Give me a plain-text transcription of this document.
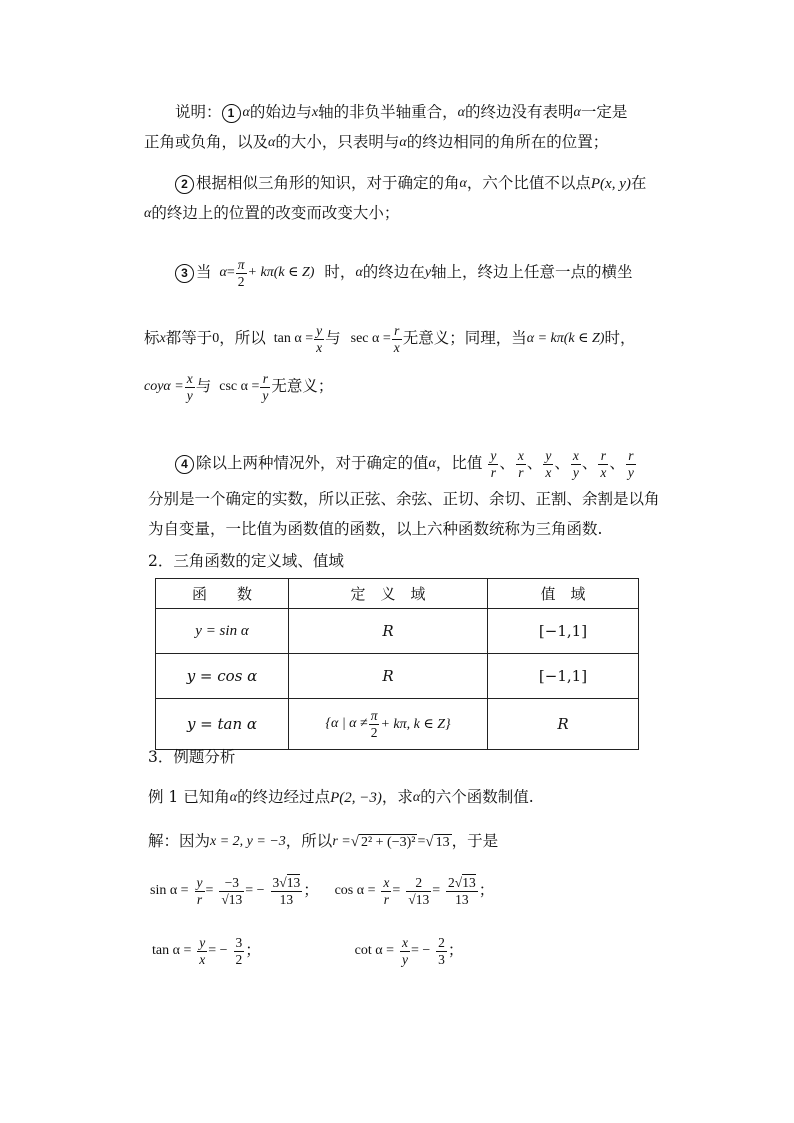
说明： 1 α的始边与x轴的非负半轴重合，α的终边没有表明α一定是
正角或负角，以及α的大小，只表明与α的终边相同的角所在的位置；
2 根据相似三角形的知识，对于确定的角α，六个比值不以点P(x, y)在
α的终边上的位置的改变而改变大小；
3 当 $\alpha= \frac{\pi}{2} + k\pi(k$ ∈ Z) 时，α的终边在y轴上，终边上任意一点的横坐
标x都等于0，所以 $\tan \alpha = \frac{y}{x}$ 与 $\sec \alpha = \frac{r}{x}$ 无意义；同理，当α = kπ(k ∈ Z)时，
$coy\alpha = \frac{x}{y}$ 与 $\csc \alpha = \frac{r}{y}$ 无意义；
4 除以上两种情况外，对于确定的值α，比值 $\frac{y}{r}$ 、 $\frac{x}{r}$ 、 $\frac{y}{x}$ 、 $\frac{x}{y}$ 、 $\frac{r}{x}$ 、 $\frac{r}{y}$
分别是一个确定的实数，所以正弦、余弦、正切、余切、正割、余割是以角
为自变量，一比值为函数值的函数，以上六种函数统称为三角函数.
2．三角函数的定义域、值域
函　　数	定　义　域	值　域
y = sin α	R	[−1,1]
y = cos α	R	[−1,1]
y = tan α	{α | $\alpha \ne \frac{\pi}{2} + k\pi$, k ∈ Z}	R
3．例题分析
例 1 已知角α的终边经过点P(2, −3)，求α的六个函数制值.
解：因为x = 2, y = −3，所以r =√ 2² + (−3)² =√ 13 ，于是
$\sin \alpha = \frac{y}{r} = \frac{-3}{√13}$ = − $\frac{3√13}{13}$ ； $\cos \alpha = \frac{x}{r} = \frac{2}{√13} = \frac{2√13}{13}$ ；
$\tan \alpha = \frac{y}{x}$ = − $\frac{3}{2}$ ；	$\cot \alpha = \frac{x}{y}$ = − $\frac{2}{3}$ ；
